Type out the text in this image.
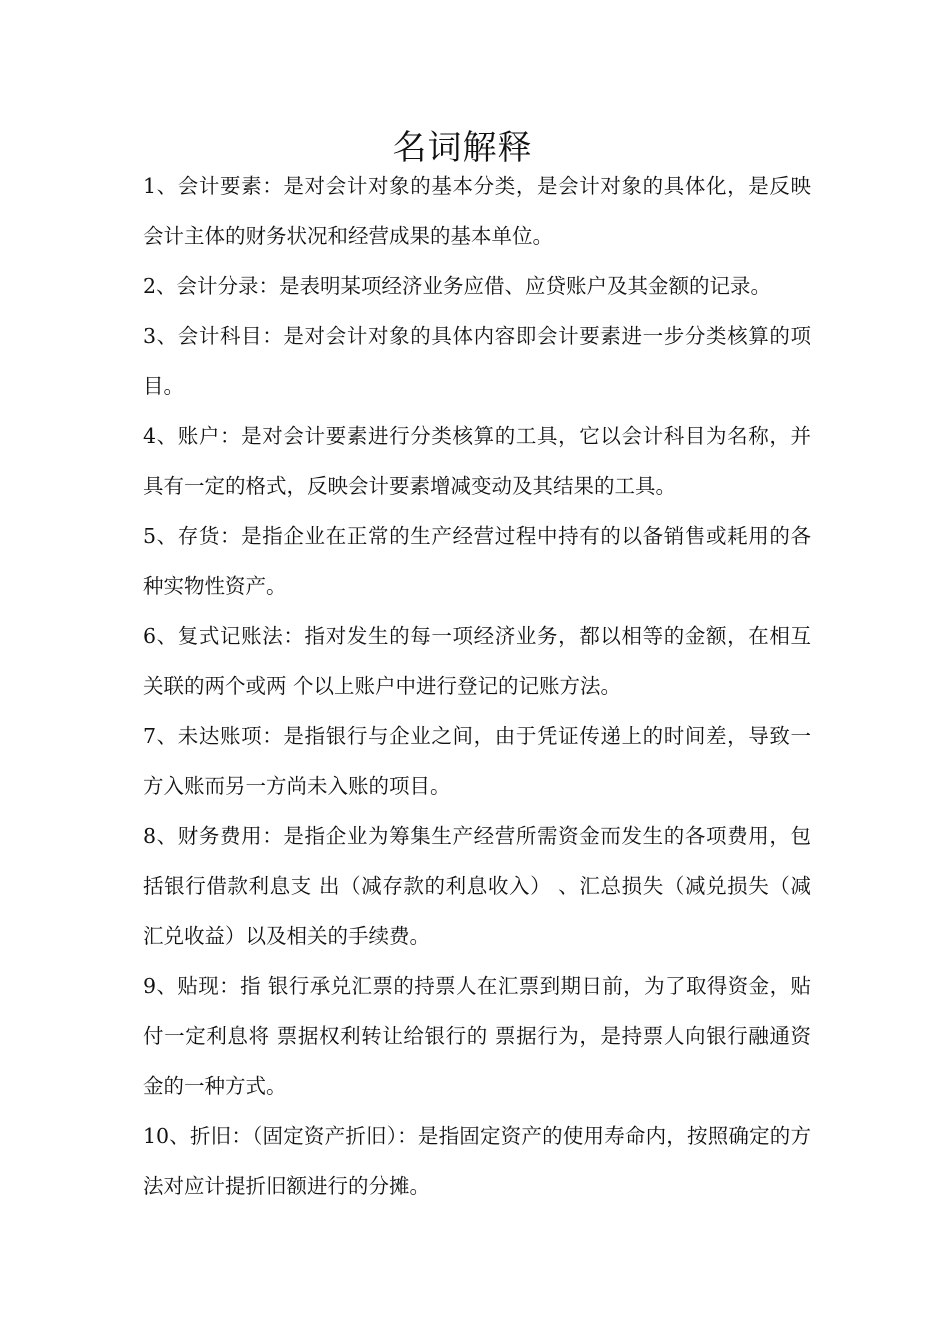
名词解释
1、会计要素：是对会计对象的基本分类，是会计对象的具体化，是反映会计主体的财务状况和经营成果的基本单位。
2、会计分录：是表明某项经济业务应借、应贷账户及其金额的记录。
3、会计科目：是对会计对象的具体内容即会计要素进一步分类核算的项目。
4、账户：是对会计要素进行分类核算的工具，它以会计科目为名称，并具有一定的格式，反映会计要素增减变动及其结果的工具。
5、存货：是指企业在正常的生产经营过程中持有的以备销售或耗用的各种实物性资产。
6、复式记账法：指对发生的每一项经济业务，都以相等的金额，在相互关联的两个或两 个以上账户中进行登记的记账方法。
7、未达账项：是指银行与企业之间，由于凭证传递上的时间差，导致一方入账而另一方尚未入账的项目。
8、财务费用：是指企业为筹集生产经营所需资金而发生的各项费用，包括银行借款利息支 出（减存款的利息收入） 、汇总损失（减兑损失（减汇兑收益）以及相关的手续费。
9、贴现：指 银行承兑汇票的持票人在汇票到期日前，为了取得资金，贴付一定利息将 票据权利转让给银行的 票据行为，是持票人向银行融通资金的一种方式。
10、折旧：（固定资产折旧）：是指固定资产的使用寿命内，按照确定的方法对应计提折旧额进行的分摊。
